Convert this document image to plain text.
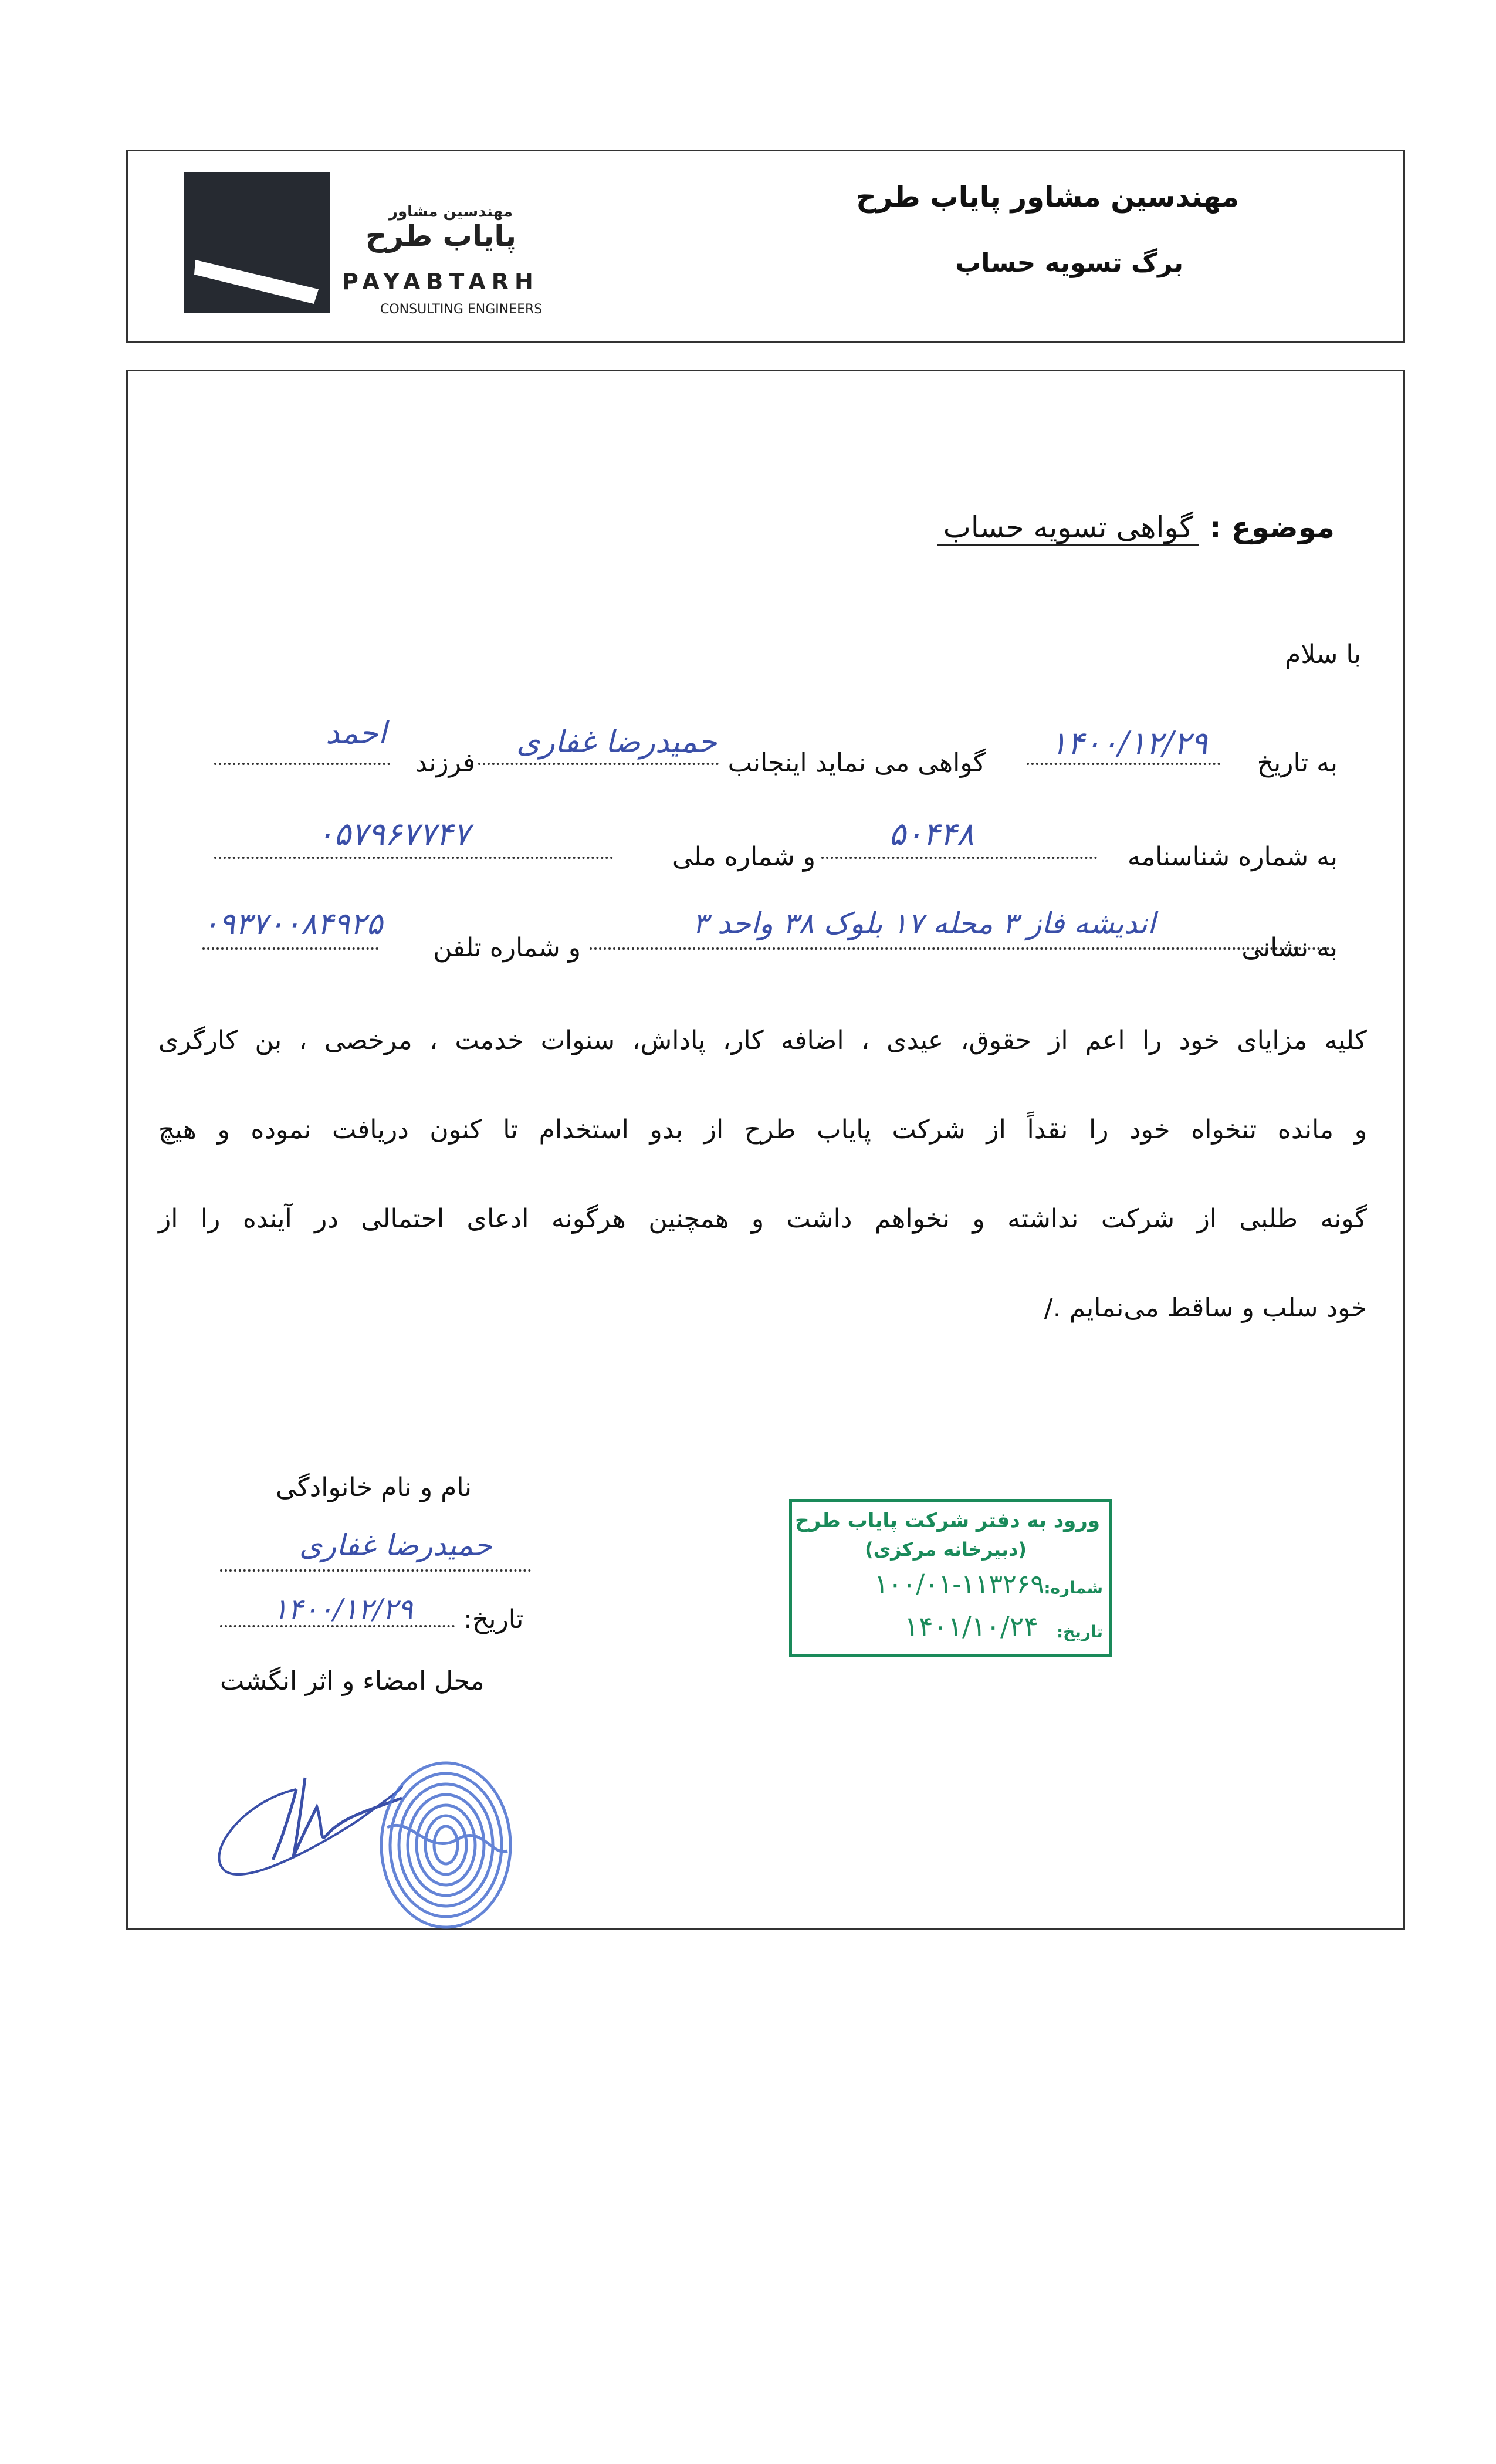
مهندسین مشاور
پایاب طرح
PAYABTARH
CONSULTING ENGINEERS
مهندسین مشاور پایاب طرح
برگ تسویه حساب
موضوع : گواهی تسویه حساب
با سلام
به تاریخ
۱۴۰۰/۱۲/۲۹
گواهی می نماید اینجانب
حمیدرضا غفاری
فرزند
احمد
به شماره شناسنامه
۵۰۴۴۸
و شماره ملی
۰۵۷۹۶۷۷۴۷
به نشانی
اندیشه فاز ۳ محله ۱۷ بلوک ۳۸ واحد ۳
و شماره تلفن
۰۹۳۷۰۰۸۴۹۲۵
کلیه مزایای خود را اعم از حقوق، عیدی ، اضافه کار، پاداش، سنوات خدمت ، مرخصی ، بن کارگری
و مانده تنخواه خود را نقداً از شرکت پایاب طرح از بدو استخدام تا کنون دریافت نموده و هیچ
گونه طلبی از شرکت نداشته و نخواهم داشت و همچنین هرگونه ادعای احتمالی در آینده را از
خود سلب و ساقط می‌نمایم ./
نام و نام خانوادگی
حمیدرضا غفاری
تاریخ:
۱۴۰۰/۱۲/۲۹
محل امضاء و اثر انگشت
ورود به دفتر شرکت پایاب طرح
(دبیرخانه مرکزی)
شماره:
۱۰۰/۰۱-۱۱۳۲۶۹
تاریخ:
۱۴۰۱/۱۰/۲۴
